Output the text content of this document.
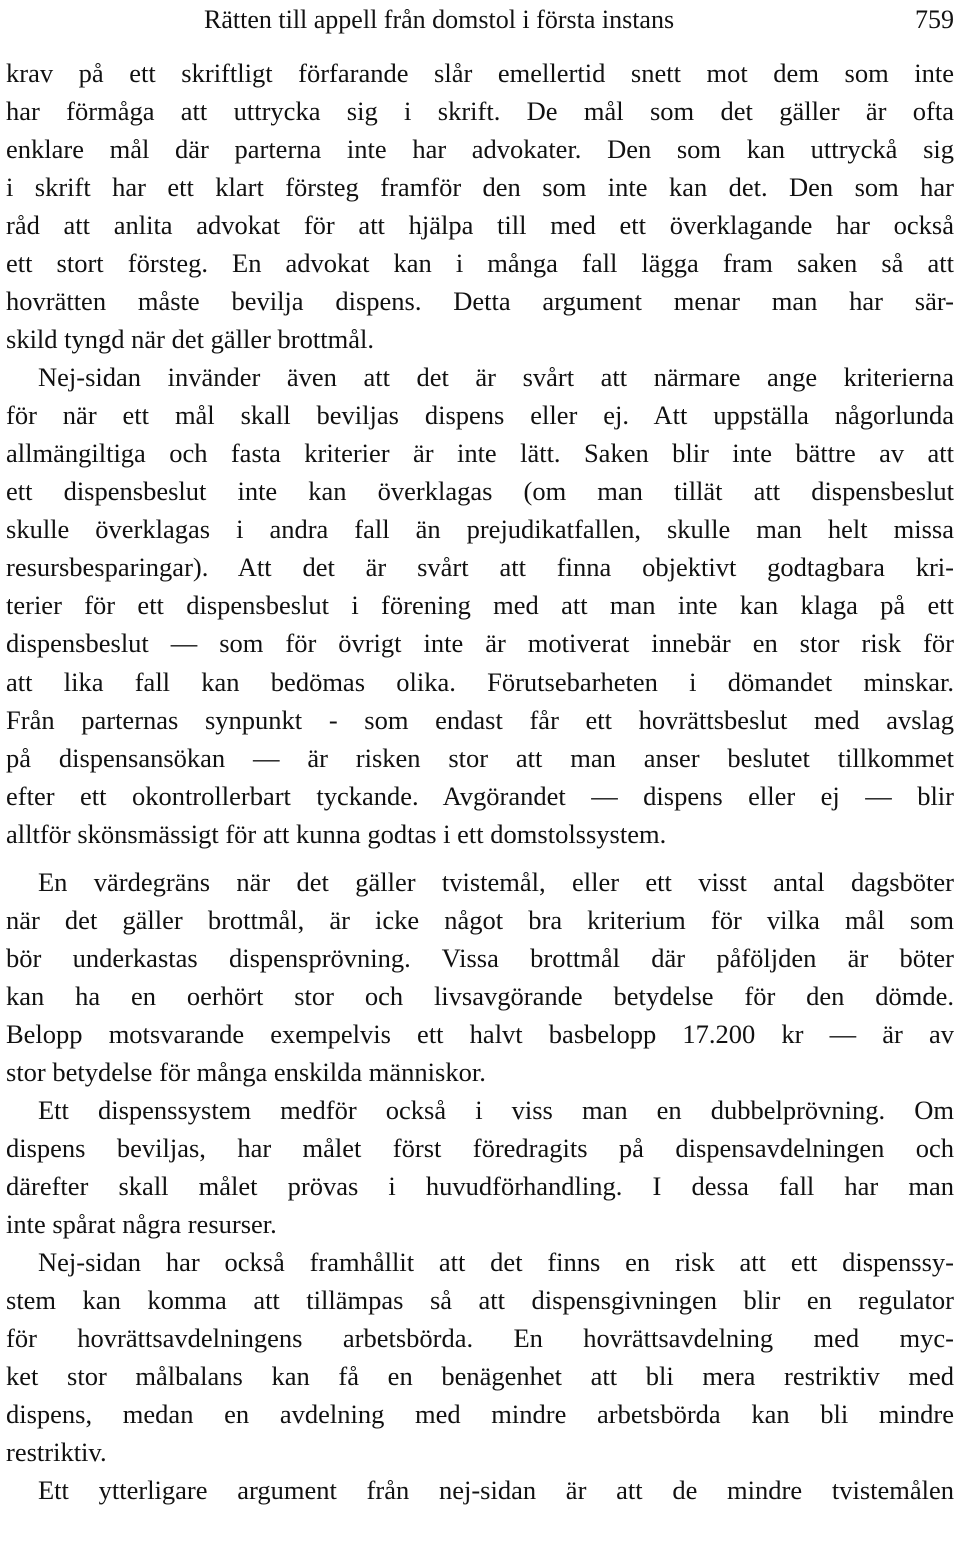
Rätten till appell från domstol i första instans	759
krav på ett skriftligt förfarande slår emellertid snett mot dem som inte
har förmåga att uttrycka sig i skrift. De mål som det gäller är ofta
enklare mål där parterna inte har advokater. Den som kan uttryckå sig
i skrift har ett klart försteg framför den som inte kan det. Den som har
råd att anlita advokat för att hjälpa till med ett överklagande har också
ett stort försteg. En advokat kan i många fall lägga fram saken så att
hovrätten måste bevilja dispens. Detta argument menar man har sär-
skild tyngd när det gäller brottmål.
Nej-sidan invänder även att det är svårt att närmare ange kriterierna
för när ett mål skall beviljas dispens eller ej. Att uppställa någorlunda
allmängiltiga och fasta kriterier är inte lätt. Saken blir inte bättre av att
ett dispensbeslut inte kan överklagas (om man tillät att dispensbeslut
skulle överklagas i andra fall än prejudikatfallen, skulle man helt missa
resursbesparingar). Att det är svårt att finna objektivt godtagbara kri-
terier för ett dispensbeslut i förening med att man inte kan klaga på ett
dispensbeslut — som för övrigt inte är motiverat innebär en stor risk för
att lika fall kan bedömas olika. Förutsebarheten i dömandet minskar.
Från parternas synpunkt - som endast får ett hovrättsbeslut med avslag
på dispensansökan — är risken stor att man anser beslutet tillkommet
efter ett okontrollerbart tyckande. Avgörandet — dispens eller ej — blir
alltför skönsmässigt för att kunna godtas i ett domstolssystem.
En värdegräns när det gäller tvistemål, eller ett visst antal dagsböter
när det gäller brottmål, är icke något bra kriterium för vilka mål som
bör underkastas dispensprövning. Vissa brottmål där påföljden är böter
kan ha en oerhört stor och livsavgörande betydelse för den dömde.
Belopp motsvarande exempelvis ett halvt basbelopp 17.200 kr — är av
stor betydelse för många enskilda människor.
Ett dispenssystem medför också i viss man en dubbelprövning. Om
dispens beviljas, har målet först föredragits på dispensavdelningen och
därefter skall målet prövas i huvudförhandling. I dessa fall har man
inte spårat några resurser.
Nej-sidan har också framhållit att det finns en risk att ett dispenssy-
stem kan komma att tillämpas så att dispensgivningen blir en regulator
för hovrättsavdelningens arbetsbörda. En hovrättsavdelning med myc-
ket stor målbalans kan få en benägenhet att bli mera restriktiv med
dispens, medan en avdelning med mindre arbetsbörda kan bli mindre
restriktiv.
Ett ytterligare argument från nej-sidan är att de mindre tvistemålen
